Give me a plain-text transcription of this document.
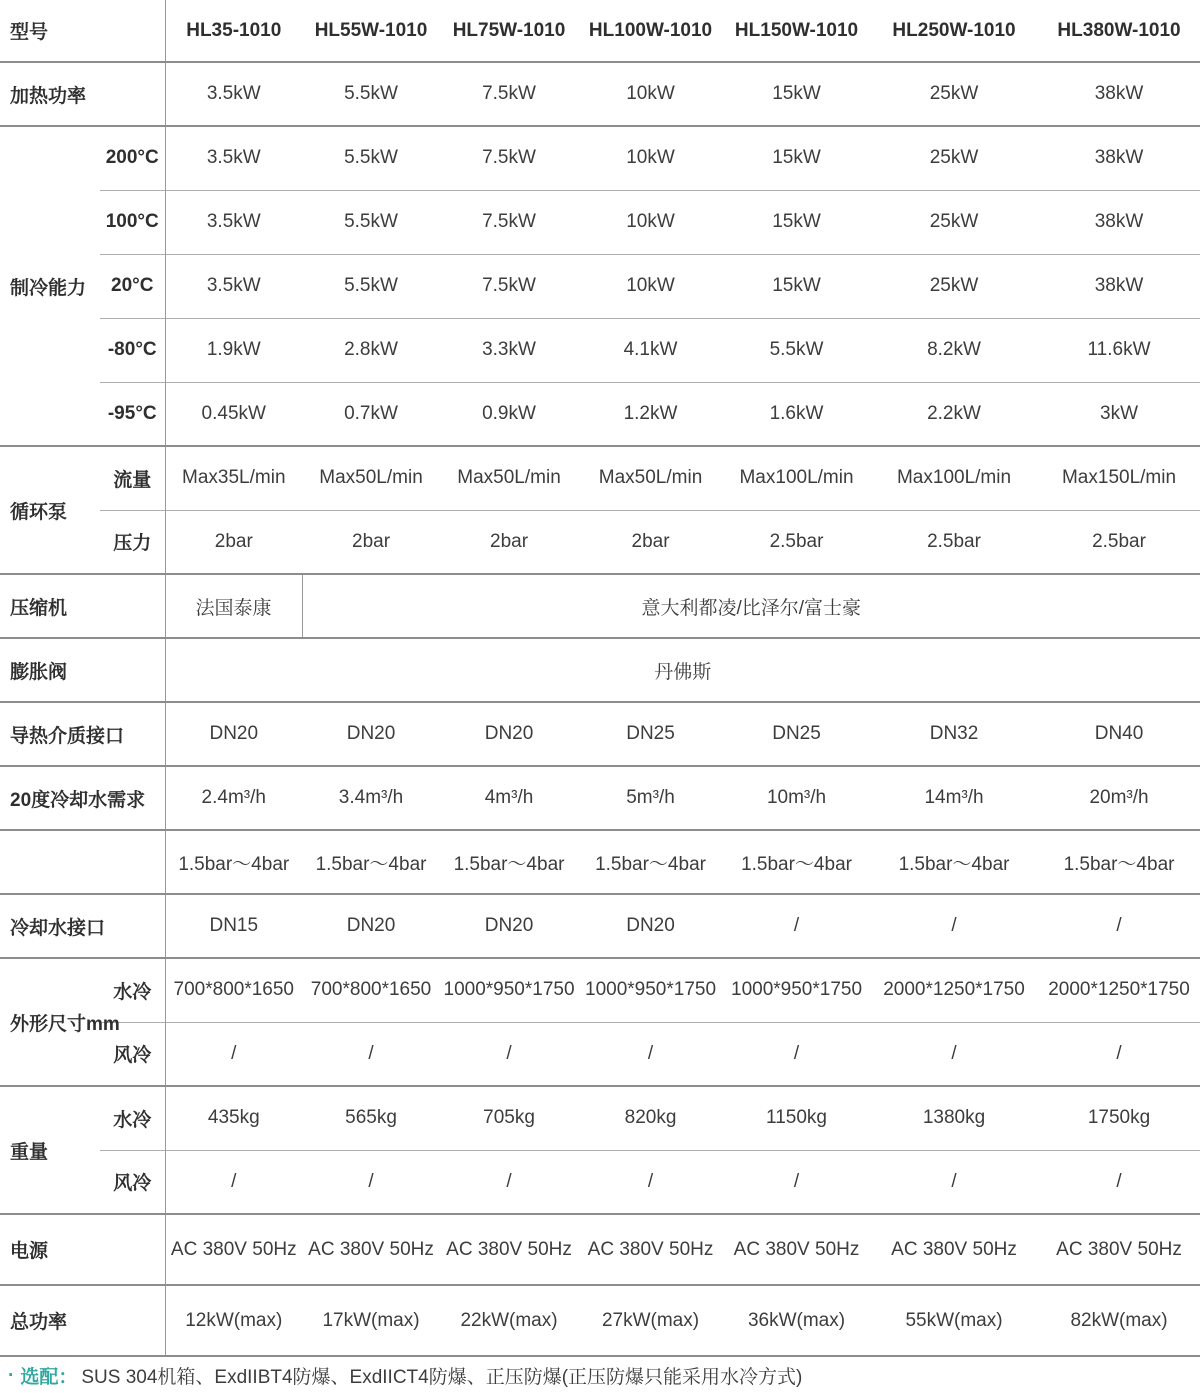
型号		HL35-1010	HL55W-1010	HL75W-1010	HL100W-1010	HL150W-1010	HL250W-1010	HL380W-1010
加热功率		3.5kW	5.5kW	7.5kW	10kW	15kW	25kW	38kW
制冷能力	200°C	3.5kW	5.5kW	7.5kW	10kW	15kW	25kW	38kW
	100°C	3.5kW	5.5kW	7.5kW	10kW	15kW	25kW	38kW
	20°C	3.5kW	5.5kW	7.5kW	10kW	15kW	25kW	38kW
	-80°C	1.9kW	2.8kW	3.3kW	4.1kW	5.5kW	8.2kW	11.6kW
	-95°C	0.45kW	0.7kW	0.9kW	1.2kW	1.6kW	2.2kW	3kW
循环泵	流量	Max35L/min	Max50L/min	Max50L/min	Max50L/min	Max100L/min	Max100L/min	Max150L/min
	压力	2bar	2bar	2bar	2bar	2.5bar	2.5bar	2.5bar
压缩机		法国泰康	意大利都凌/比泽尔/富士豪					
膨胀阀		丹佛斯						
导热介质接口		DN20	DN20	DN20	DN25	DN25	DN32	DN40
20度冷却水需求		2.4m³/h	3.4m³/h	4m³/h	5m³/h	10m³/h	14m³/h	20m³/h
		1.5bar～4bar	1.5bar～4bar	1.5bar～4bar	1.5bar～4bar	1.5bar～4bar	1.5bar～4bar	1.5bar～4bar
冷却水接口		DN15	DN20	DN20	DN20	/	/	/
外形尺寸mm	水冷	700*800*1650	700*800*1650	1000*950*1750	1000*950*1750	1000*950*1750	2000*1250*1750	2000*1250*1750
	风冷	/	/	/	/	/	/	/
重量	水冷	435kg	565kg	705kg	820kg	1150kg	1380kg	1750kg
	风冷	/	/	/	/	/	/	/
电源		AC 380V 50Hz	AC 380V 50Hz	AC 380V 50Hz	AC 380V 50Hz	AC 380V 50Hz	AC 380V 50Hz	AC 380V 50Hz
总功率		12kW(max)	17kW(max)	22kW(max)	27kW(max)	36kW(max)	55kW(max)	82kW(max)
· 选配： SUS 304机箱、ExdIIBT4防爆、ExdIICT4防爆、正压防爆(正压防爆只能采用水冷方式)
